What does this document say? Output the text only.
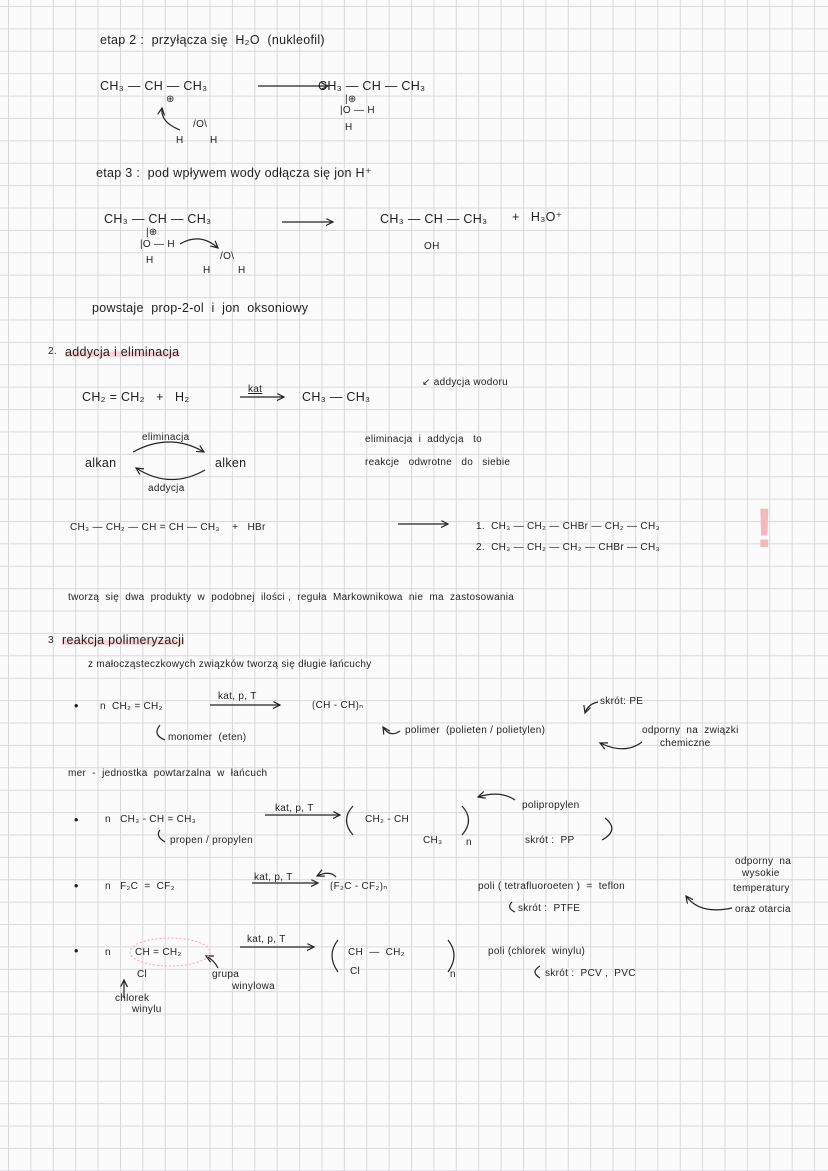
etap 2 :  przyłącza się  H₂O  (nukleofil)
CH₃ — CH — CH₃
⊕
/O\
H	H
CH₃ — CH — CH₃
|⊕
|O — H
H
etap 3 :  pod wpływem wody odłącza się jon H⁺
CH₃ — CH — CH₃
|⊕
|O — H
H	/O\
H	H
CH₃ — CH — CH₃
OH
+   H₃O⁺
powstaje  prop-2-ol  i  jon  oksoniowy
2. addycja i eliminacja
CH₂ = CH₂   +   H₂
kat
CH₃ — CH₃
↙ addycja wodoru
eliminacja
alkan	alken
addycja
eliminacja  i  addycja   to
reakcje   odwrotne   do   siebie
CH₃ — CH₂ — CH = CH — CH₃    +   HBr	1.  CH₃ — CH₂ — CHBr — CH₂ — CH₃
2.  CH₃ — CH₂ — CH₂ — CHBr — CH₃ !
tworzą  się  dwa  produkty  w  podobnej  ilości ,  reguła  Markownikowa  nie  ma  zastosowania
3 reakcja polimeryzacji
z małocząsteczkowych związków tworzą się długie łańcuchy
• n  CH₂ = CH₂
kat, p, T
⟮CH - CH⟯ₙ
monomer  (eten)
polimer  (polieten / polietylen)
skrót: PE
odporny  na  związki
chemiczne
mer  -  jednostka  powtarzalna  w  łańcuch
•	n   CH₃ - CH = CH₃
kat, p, T
CH₂ - CH
CH₃ n
propen / propylen
polipropylen
skrót :  PP
•	n   F₂C  =  CF₂
kat, p, T
⟮F₂C - CF₂⟯ₙ	poli ( tetrafluoroeten )  =  teflon
skrót :  PTFE
odporny  na
wysokie
temperatury
oraz otarcia
•	n CH = CH₂
Cl
kat, p, T
CH  —  CH₂
Cl	n
chlorek
winylu
grupa
winylowa
poli (chlorek  winylu)
skrót :  PCV ,  PVC
